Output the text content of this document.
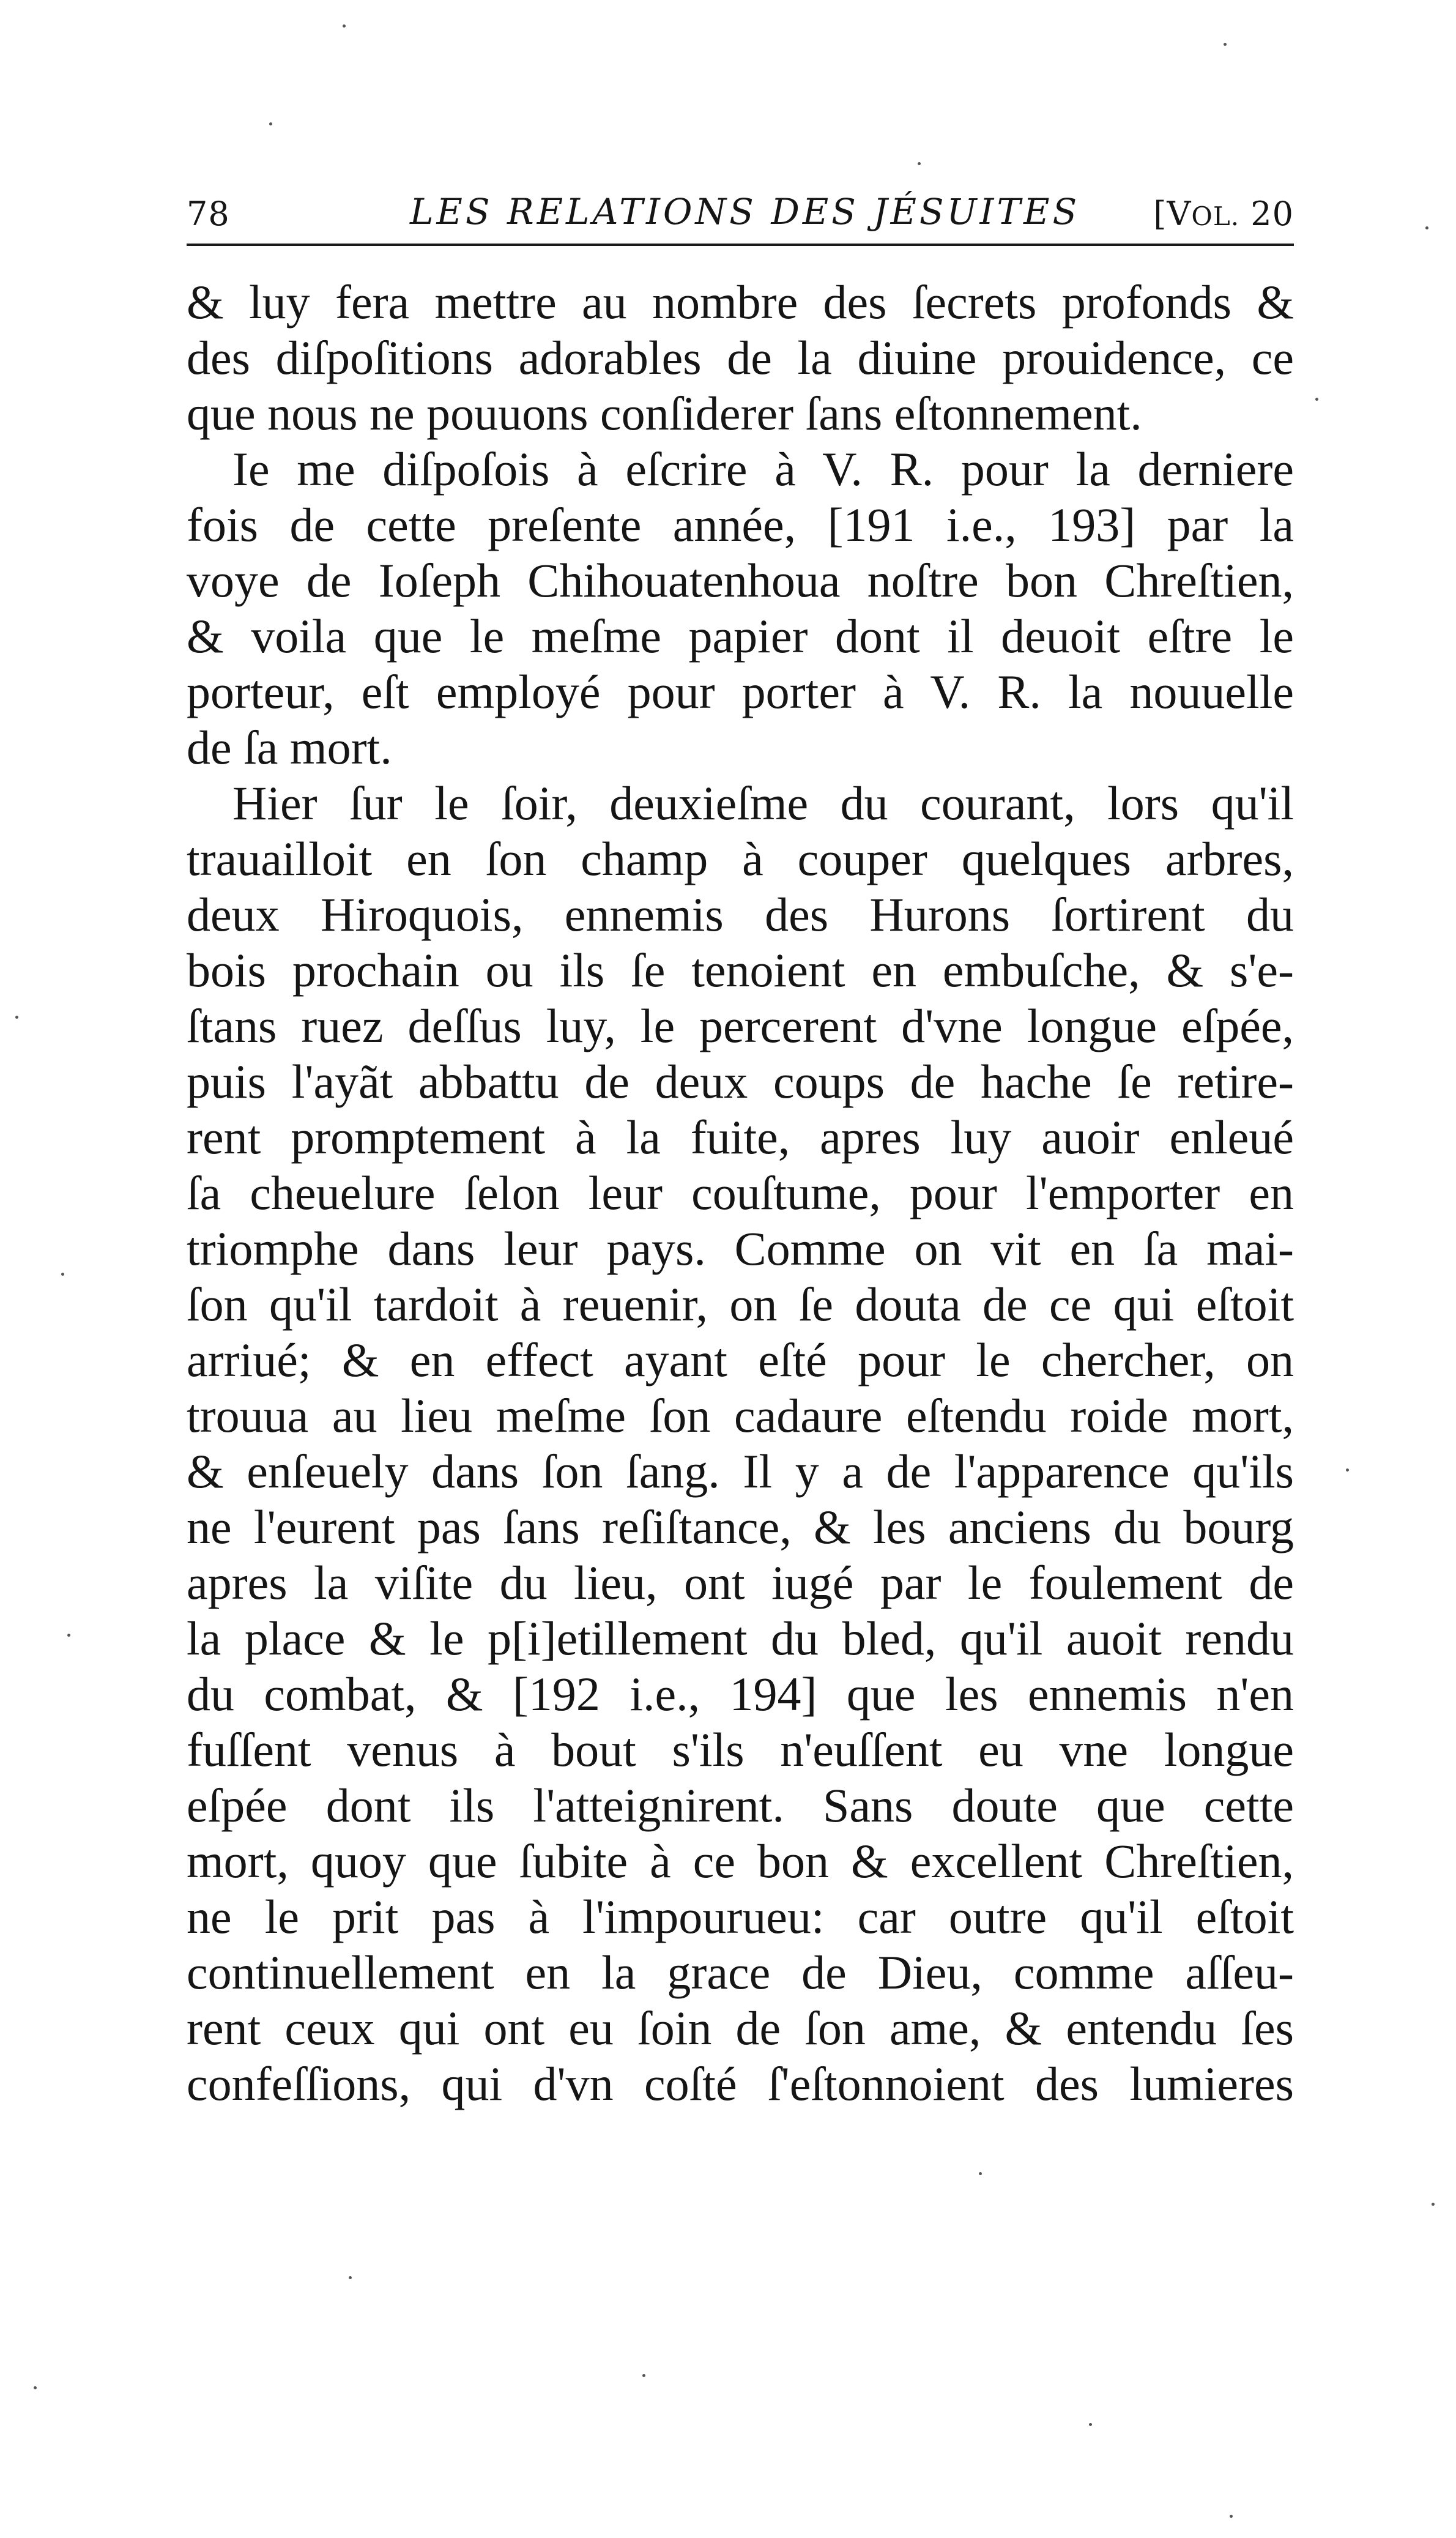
78	LES RELATIONS DES JÉSUITES [VOL. 20
& luy fera mettre au nombre des ſecrets profonds &
des diſpoſitions adorables de la diuine prouidence, ce
que nous ne pouuons conſiderer ſans eſtonnement.
Ie me diſpoſois à eſcrire à V. R. pour la derniere
fois de cette preſente année, [191 i.e., 193] par la
voye de Ioſeph Chihouatenhoua noſtre bon Chreſtien,
& voila que le meſme papier dont il deuoit eſtre le
porteur, eſt employé pour porter à V. R. la nouuelle
de ſa mort.
Hier ſur le ſoir, deuxieſme du courant, lors qu'il
trauailloit en ſon champ à couper quelques arbres,
deux Hiroquois, ennemis des Hurons ſortirent du
bois prochain ou ils ſe tenoient en embuſche, & s'e-
ſtans ruez deſſus luy, le percerent d'vne longue eſpée,
puis l'ayãt abbattu de deux coups de hache ſe retire-
rent promptement à la fuite, apres luy auoir enleué
ſa cheuelure ſelon leur couſtume, pour l'emporter en
triomphe dans leur pays. Comme on vit en ſa mai-
ſon qu'il tardoit à reuenir, on ſe douta de ce qui eſtoit
arriué; & en effect ayant eſté pour le chercher, on
trouua au lieu meſme ſon cadaure eſtendu roide mort,
& enſeuely dans ſon ſang. Il y a de l'apparence qu'ils
ne l'eurent pas ſans reſiſtance, & les anciens du bourg
apres la viſite du lieu, ont iugé par le foulement de
la place & le p[i]etillement du bled, qu'il auoit rendu
du combat, & [192 i.e., 194] que les ennemis n'en
fuſſent venus à bout s'ils n'euſſent eu vne longue
eſpée dont ils l'atteignirent. Sans doute que cette
mort, quoy que ſubite à ce bon & excellent Chreſtien,
ne le prit pas à l'impourueu: car outre qu'il eſtoit
continuellement en la grace de Dieu, comme aſſeu-
rent ceux qui ont eu ſoin de ſon ame, & entendu ſes
confeſſions, qui d'vn coſté ſ'eſtonnoient des lumieres
